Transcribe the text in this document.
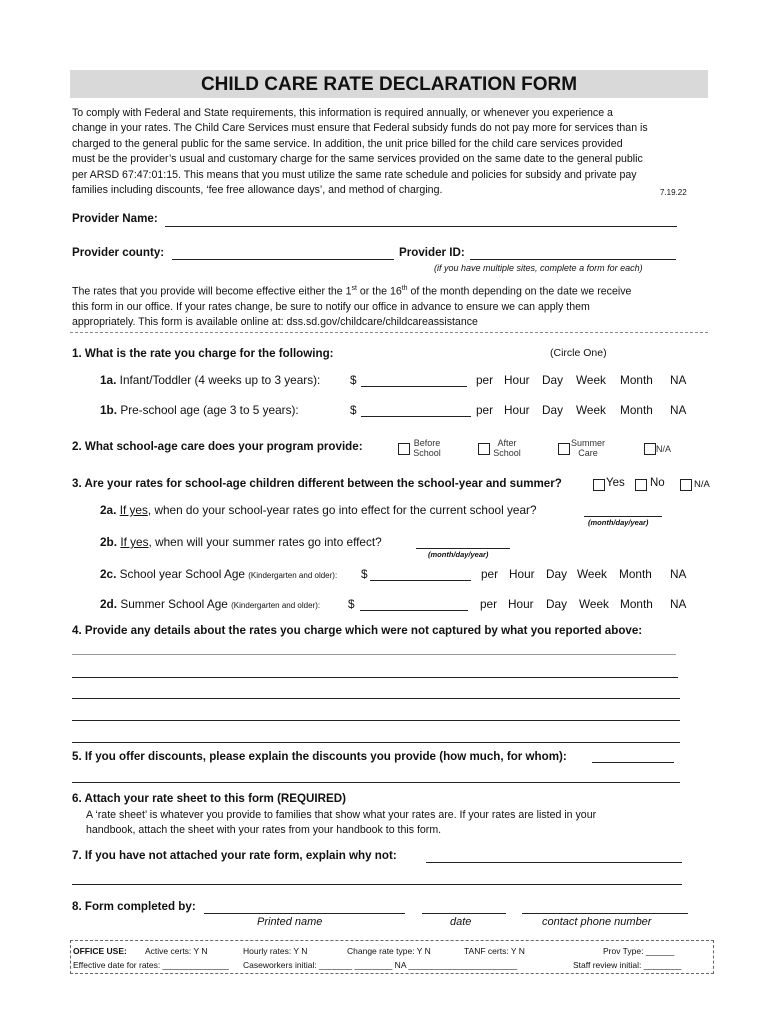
CHILD CARE RATE DECLARATION FORM
To comply with Federal and State requirements, this information is required annually, or whenever you experience a
change in your rates. The Child Care Services must ensure that Federal subsidy funds do not pay more for services than is
charged to the general public for the same service. In addition, the unit price billed for the child care services provided
must be the provider’s usual and customary charge for the same services provided on the same date to the general public
per ARSD 67:47:01:15. This means that you must utilize the same rate schedule and policies for subsidy and private pay
families including discounts, ‘fee free allowance days’, and method of charging.	7.19.22
Provider Name:
Provider county:	Provider ID:
(if you have multiple sites, complete a form for each)
The rates that you provide will become effective either the 1st or the 16th of the month depending on the date we receive
this form in our office. If your rates change, be sure to notify our office in advance to ensure we can apply them
appropriately. This form is available online at: dss.sd.gov/childcare/childcareassistance
1. What is the rate you charge for the following:	(Circle One)
1a. Infant/Toddler (4 weeks up to 3 years):	$	per Hour Day Week Month NA
1b. Pre-school age (age 3 to 5 years):	$	per Hour Day Week Month NA
2. What school-age care does your program provide:	Before
School
After
School
Summer
Care	N/A
3. Are your rates for school-age children different between the school-year and summer?	Yes No	N/A
2a. If yes, when do your school-year rates go into effect for the current school year?
(month/day/year)
2b. If yes, when will your summer rates go into effect?
(month/day/year)
2c. School year School Age (Kindergarten and older): $	per Hour Day Week Month NA
2d. Summer School Age (Kindergarten and older): $	per Hour Day Week Month NA
4. Provide any details about the rates you charge which were not captured by what you reported above:
5. If you offer discounts, please explain the discounts you provide (how much, for whom):
6. Attach your rate sheet to this form (REQUIRED)
A ‘rate sheet’ is whatever you provide to families that show what your rates are. If your rates are listed in your
handbook, attach the sheet with your rates from your handbook to this form.
7. If you have not attached your rate form, explain why not:
8. Form completed by:
Printed name	date	contact phone number
OFFICE USE: Active certs: Y N	Hourly rates: Y N	Change rate type: Y N	TANF certs: Y N	Prov Type: ______
Effective date for rates: ______________ Caseworkers initial: _______ ________ NA _______________________	Staff review initial: ________
